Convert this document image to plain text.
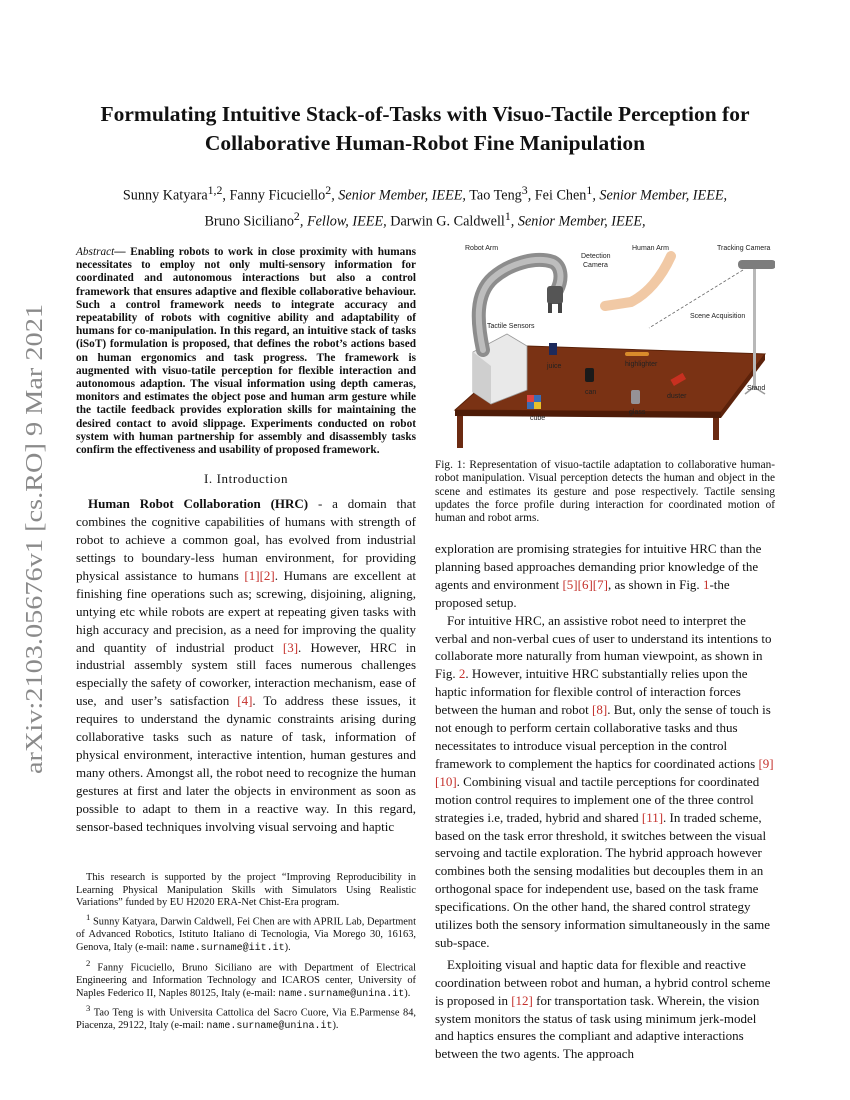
arXiv:2103.05676v1 [cs.RO] 9 Mar 2021
Formulating Intuitive Stack-of-Tasks with Visuo-Tactile Perception for
Collaborative Human-Robot Fine Manipulation
Sunny Katyara$^{1,2}$, Fanny Ficuciello$^2$, Senior Member, IEEE, Tao Teng$^3$, Fei Chen$^1$, Senior Member, IEEE,
Bruno Siciliano$^2$, Fellow, IEEE, Darwin G. Caldwell$^1$, Senior Member, IEEE,
Abstract— Enabling robots to work in close proximity with humans necessitates to employ not only multi-sensory information for coordinated and autonomous interactions but also a control framework that ensures adaptive and flexible collaborative behaviour. Such a control framework needs to integrate accuracy and repeatability of robots with cognitive ability and adaptability of humans for co-manipulation. In this regard, an intuitive stack of tasks (iSoT) formulation is proposed, that defines the robot’s actions based on human ergonomics and task progress. The framework is augmented with visuo-tatile perception for flexible interaction and autonomous adaption. The visual information using depth cameras, monitors and estimates the object pose and human arm gesture while the tactile feedback provides exploration skills for maintaining the desired contact to avoid slippage. Experiments conducted on robot system with human partnership for assembly and disassembly tasks confirm the effectiveness and usability of proposed framework.
I. Introduction

Human Robot Collaboration (HRC) - a domain that combines the cognitive capabilities of humans with strength of robot to achieve a common goal, has evolved from industrial settings to boundary-less human environment, for providing physical assistance to humans [1][2]. Humans are excellent at finishing fine operations such as; screwing, disjoining, aligning, untying etc while robots are expert at repeating given tasks with high accuracy and precision, as a need for improving the quality and quantity of industrial product [3]. However, HRC in industrial assembly system still faces numerous challenges especially the safety of coworker, interaction mechanism, ease of use, and user’s satisfaction [4]. To address these issues, it requires to understand the dynamic constraints arising during collaborative tasks such as nature of task, information of physical environment, interactive intention, human gestures and many others. Amongst all, the robot need to recognize the human gestures at first and later the objects in environment as soon as possible to adapt to them in a reactive way. In this regard, sensor-based techniques involving visual servoing and haptic

This research is supported by the project “Improving Reproducibility in Learning Physical Manipulation Skills with Simulators Using Realistic Variations” funded by EU H2020 ERA-Net Chist-Era program.

$^1$ Sunny Katyara, Darwin Caldwell, Fei Chen are with APRIL Lab, Department of Advanced Robotics, Istituto Italiano di Tecnologia, Via Morego 30, 16163, Genova, Italy (e-mail: name.surname@iit.it).

$^2$ Fanny Ficuciello, Bruno Siciliano are with Department of Electrical Engineering and Information Technology and ICAROS center, University of Naples Federico II, Naples 80125, Italy (e-mail: name.surname@unina.it).

$^3$ Tao Teng is with Universita Cattolica del Sacro Cuore, Via E.Parmense 84, Piacenza, 29122, Italy (e-mail: name.surname@unina.it).

Robot Arm
Detection
Camera
Human Arm	Tracking Camera
Tactile Sensors
Scene Acquisition
juice	highlighter
can
duster
cube
glass
Stand
Fig. 1: Representation of visuo-tactile adaptation to collaborative human-robot manipulation. Visual perception detects the human and object in the scene and estimates its gesture and pose respectively. Tactile sensing updates the force profile during interaction for coordinated motion of human and robot arms.

exploration are promising strategies for intuitive HRC than the planning based approaches demanding prior knowledge of the agents and environment [5][6][7], as shown in Fig. 1-the proposed setup.

For intuitive HRC, an assistive robot need to interpret the verbal and non-verbal cues of user to understand its intentions to collaborate more naturally from human viewpoint, as shown in Fig. 2. However, intuitive HRC substantially relies upon the haptic information for flexible control of interaction forces between the human and robot [8]. But, only the sense of touch is not enough to perform certain collaborative tasks and thus necessitates to introduce visual perception in the control framework to complement the haptics for coordinated actions [9][10]. Combining visual and tactile perceptions for coordinated motion control requires to implement one of the three control strategies i.e, traded, hybrid and shared [11]. In traded scheme, based on the task error threshold, it switches between the visual servoing and tactile exploration. The hybrid approach however combines both the sensing modalities but decouples them in an orthogonal space for independent use, based on the task frame specifications. On the other hand, the shared control strategy utilizes both the sensory information simultaneously in the same sub-space.

Exploiting visual and haptic data for flexible and reactive coordination between robot and human, a hybrid control scheme is proposed in [12] for transportation task. Wherein, the vision system monitors the status of task using minimum jerk-model and haptics ensures the compliant and adaptive interactions between the two agents. The approach
